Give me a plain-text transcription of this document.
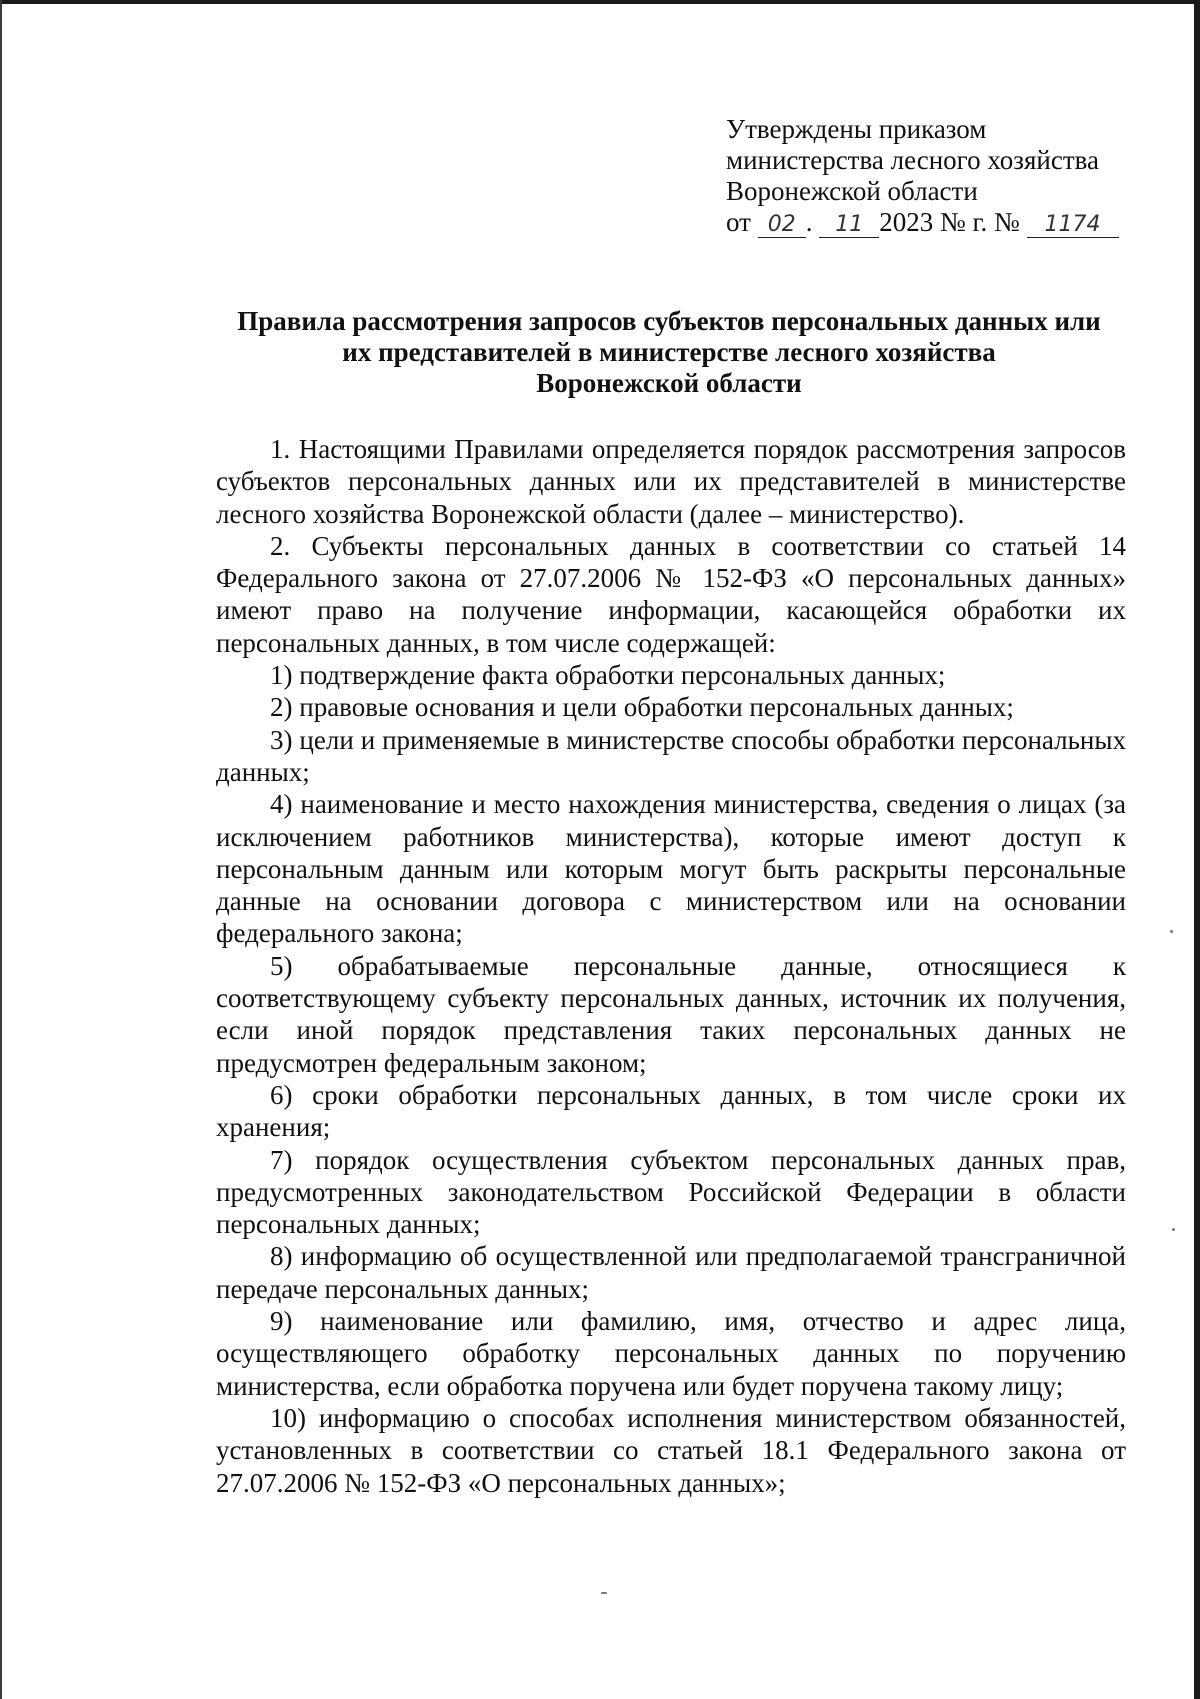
Утверждены приказом
министерства лесного хозяйства
Воронежской области
от 02 . 11 2023 № г. № 1174
Правила рассмотрения запросов субъектов персональных данных или
их представителей в министерстве лесного хозяйства
Воронежской области

1. Настоящими Правилами определяется порядок рассмотрения запросов субъектов персональных данных или их представителей в министерстве лесного хозяйства Воронежской области (далее – министерство).

2. Субъекты персональных данных в соответствии со статьей 14 Федерального закона от 27.07.2006 № 152-ФЗ «О персональных данных» имеют право на получение информации, касающейся обработки их персональных данных, в том числе содержащей:

1) подтверждение факта обработки персональных данных;

2) правовые основания и цели обработки персональных данных;

3) цели и применяемые в министерстве способы обработки персональных данных;

4) наименование и место нахождения министерства, сведения о лицах (за исключением работников министерства), которые имеют доступ к персональным данным или которым могут быть раскрыты персональные данные на основании договора с министерством или на основании федерального закона;

5) обрабатываемые персональные данные, относящиеся к соответствующему субъекту персональных данных, источник их получения, если иной порядок представления таких персональных данных не предусмотрен федеральным законом;

6) сроки обработки персональных данных, в том числе сроки их хранения;

7) порядок осуществления субъектом персональных данных прав, предусмотренных законодательством Российской Федерации в области персональных данных;

8) информацию об осуществленной или предполагаемой трансграничной передаче персональных данных;

9) наименование или фамилию, имя, отчество и адрес лица, осуществляющего обработку персональных данных по поручению министерства, если обработка поручена или будет поручена такому лицу;

10) информацию о способах исполнения министерством обязанностей, установленных в соответствии со статьей 18.1 Федерального закона от 27.07.2006 № 152-ФЗ «О персональных данных»;
